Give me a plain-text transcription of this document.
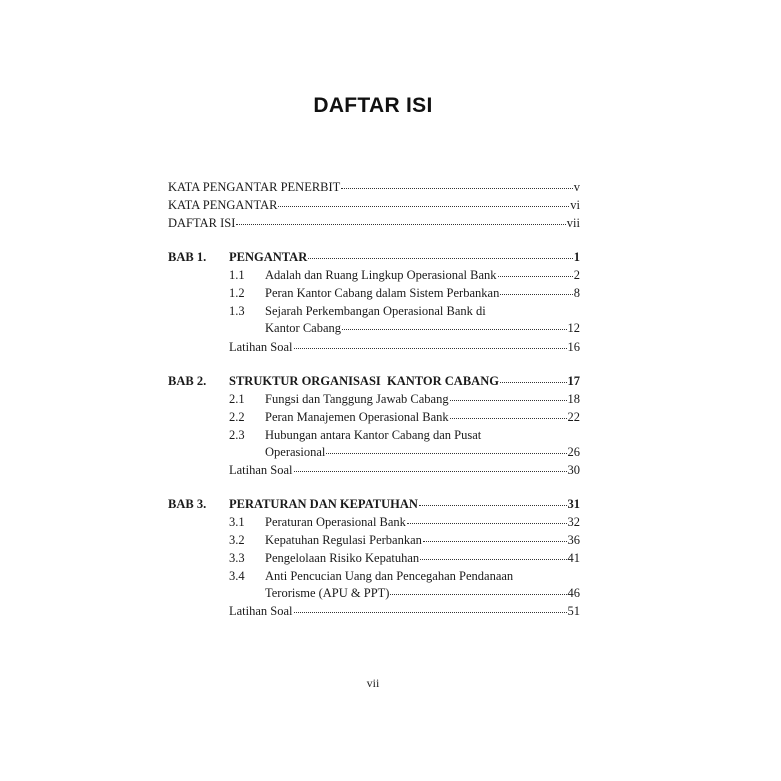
DAFTAR ISI
KATA PENGANTAR PENERBIT	v
KATA PENGANTAR	vi
DAFTAR ISI	vii
BAB 1. PENGANTAR	1
1.1 Adalah dan Ruang Lingkup Operasional Bank	2
1.2 Peran Kantor Cabang dalam Sistem Perbankan	8
1.3 Sejarah Perkembangan Operasional Bank di
Kantor Cabang	12
Latihan Soal	16
BAB 2. STRUKTUR ORGANISASI  KANTOR CABANG	17
2.1 Fungsi dan Tanggung Jawab Cabang	18
2.2 Peran Manajemen Operasional Bank	22
2.3 Hubungan antara Kantor Cabang dan Pusat
Operasional	26
Latihan Soal	30
BAB 3. PERATURAN DAN KEPATUHAN	31
3.1 Peraturan Operasional Bank	32
3.2 Kepatuhan Regulasi Perbankan	36
3.3 Pengelolaan Risiko Kepatuhan	41
3.4 Anti Pencucian Uang dan Pencegahan Pendanaan
Terorisme (APU & PPT)	46
Latihan Soal	51
vii
